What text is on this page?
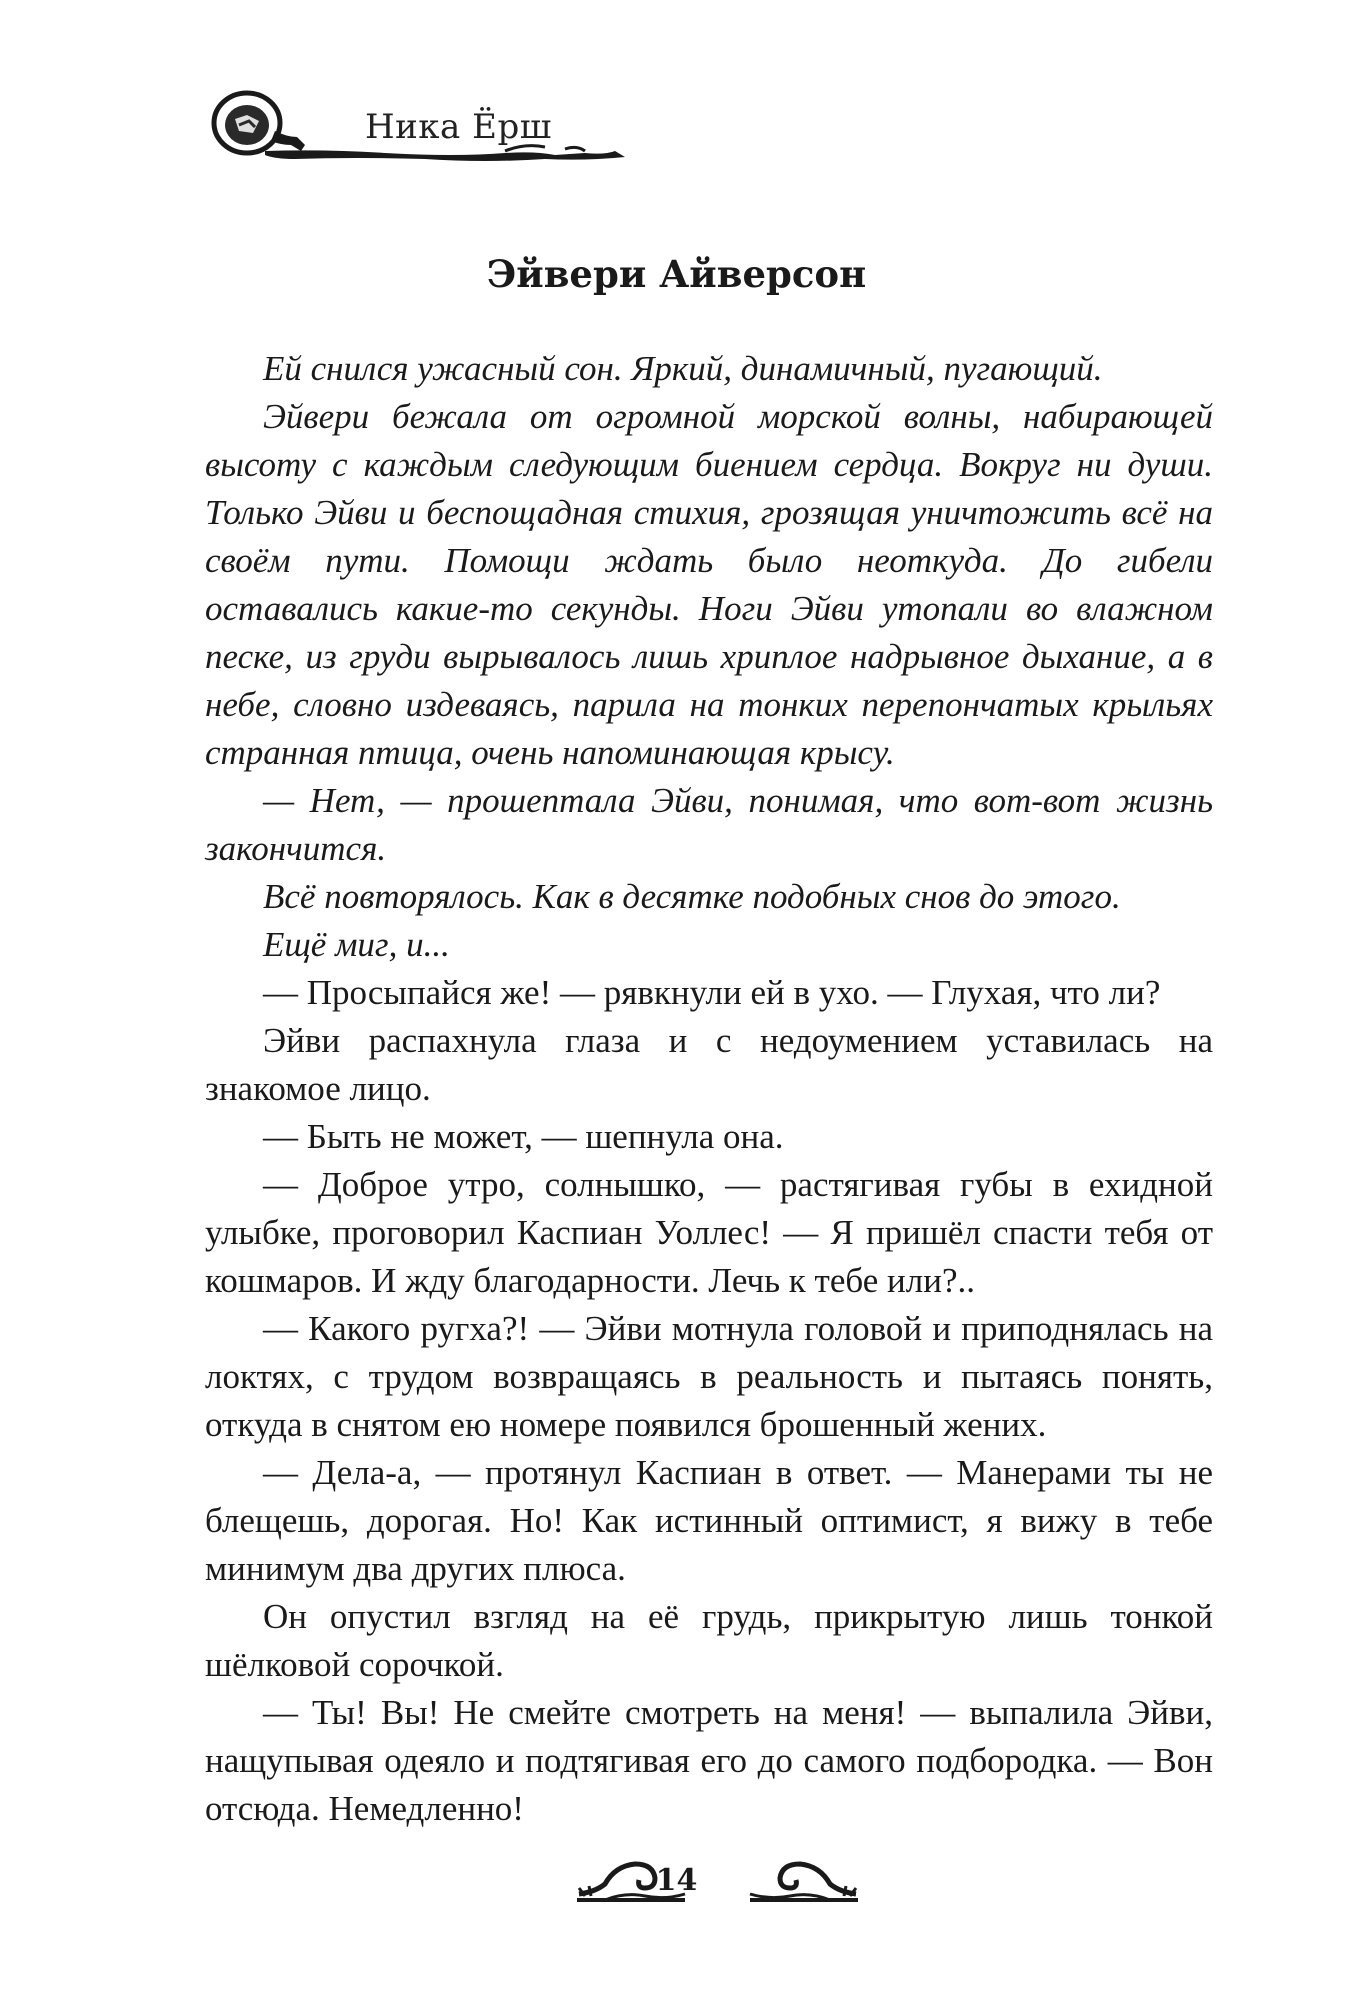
Ника Ёрш
Эйвери Айверсон

Ей снился ужасный сон. Яркий, динамичный, пугающий.

Эйвери бежала от огромной морской волны, набирающей высоту с каждым следующим биением сердца. Вокруг ни души. Только Эйви и беспощадная стихия, грозящая уничтожить всё на своём пути. Помощи ждать было неоткуда. До гибели оставались какие-то секунды. Ноги Эйви утопали во влажном песке, из груди вырывалось лишь хриплое надрывное дыхание, а в небе, словно издеваясь, парила на тонких перепончатых крыльях странная птица, очень напоминающая крысу.

— Нет, — прошептала Эйви, понимая, что вот-вот жизнь закончится.

Всё повторялось. Как в десятке подобных снов до этого.

Ещё миг, и...

— Просыпайся же! — рявкнули ей в ухо. — Глухая, что ли?

Эйви распахнула глаза и с недоумением уставилась на знакомое лицо.

— Быть не может, — шепнула она.

— Доброе утро, солнышко, — растягивая губы в ехидной улыбке, проговорил Каспиан Уоллес! — Я пришёл спасти тебя от кошмаров. И жду благодарности. Лечь к тебе или?..

— Какого ругха?! — Эйви мотнула головой и приподнялась на локтях, с трудом возвращаясь в реальность и пытаясь понять, откуда в снятом ею номере появился брошенный жених.

— Дела-а, — протянул Каспиан в ответ. — Манерами ты не блещешь, дорогая. Но! Как истинный оптимист, я вижу в тебе минимум два других плюса.

Он опустил взгляд на её грудь, прикрытую лишь тонкой шёлковой сорочкой.

— Ты! Вы! Не смейте смотреть на меня! — выпалила Эйви, нащупывая одеяло и подтягивая его до самого подбородка. — Вон отсюда. Немедленно!

14
